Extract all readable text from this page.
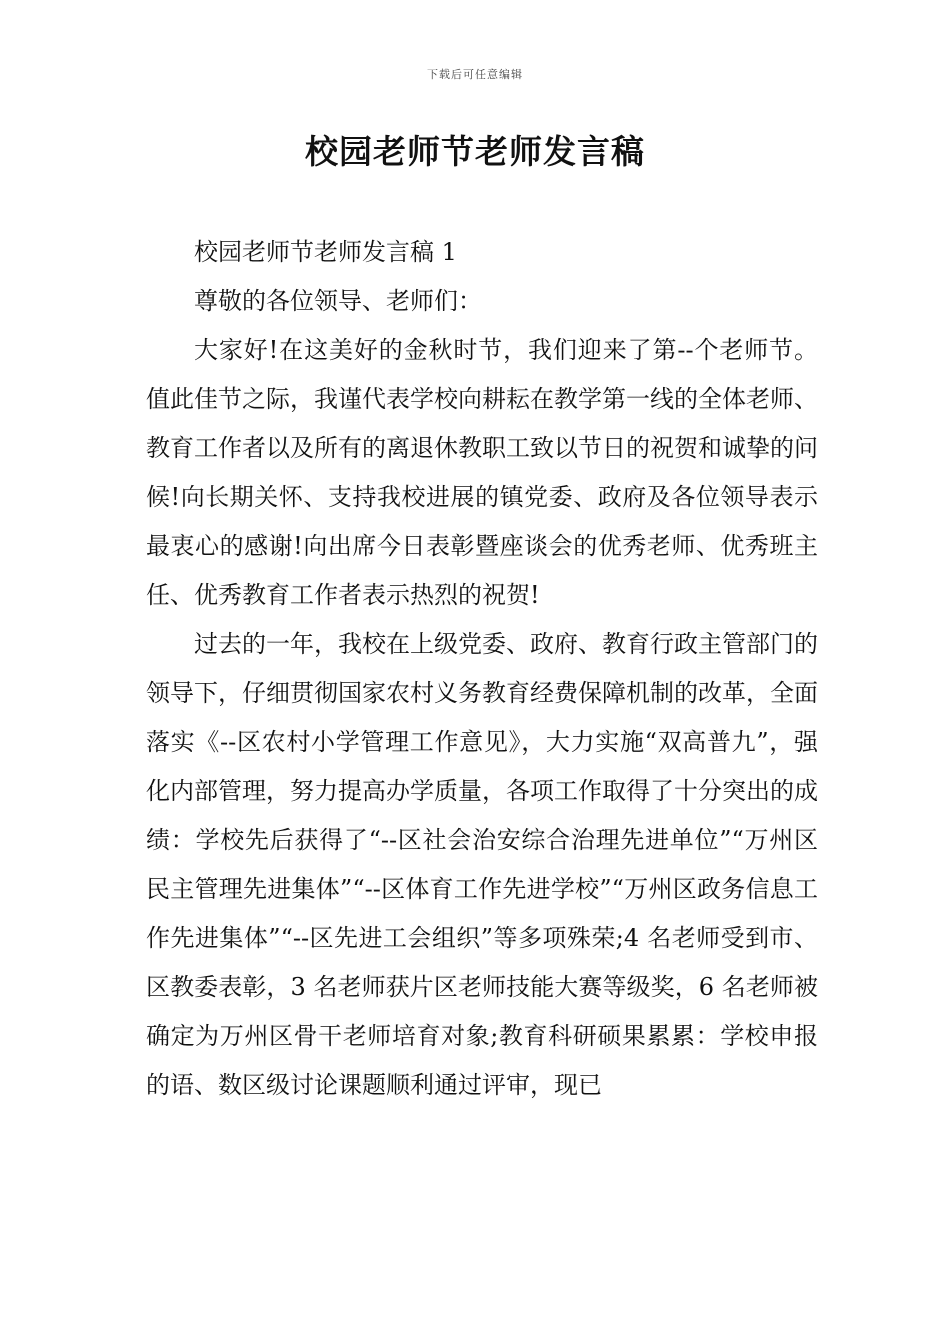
下载后可任意编辑
校园老师节老师发言稿

校园老师节老师发言稿 1

尊敬的各位领导、老师们：

大家好!在这美好的金秋时节，我们迎来了第--个老师节。值此佳节之际，我谨代表学校向耕耘在教学第一线的全体老师、教育工作者以及所有的离退休教职工致以节日的祝贺和诚挚的问候!向长期关怀、支持我校进展的镇党委、政府及各位领导表示最衷心的感谢!向出席今日表彰暨座谈会的优秀老师、优秀班主任、优秀教育工作者表示热烈的祝贺!

过去的一年，我校在上级党委、政府、教育行政主管部门的领导下，仔细贯彻国家农村义务教育经费保障机制的改革，全面落实《--区农村小学管理工作意见》，大力实施“双高普九”，强化内部管理，努力提高办学质量，各项工作取得了十分突出的成绩：学校先后获得了“--区社会治安综合治理先进单位”“万州区民主管理先进集体”“--区体育工作先进学校”“万州区政务信息工作先进集体”“--区先进工会组织”等多项殊荣;4 名老师受到市、区教委表彰，3 名老师获片区老师技能大赛等级奖，6 名老师被确定为万州区骨干老师培育对象;教育科研硕果累累：学校申报的语、数区级讨论课题顺利通过评审，现已
